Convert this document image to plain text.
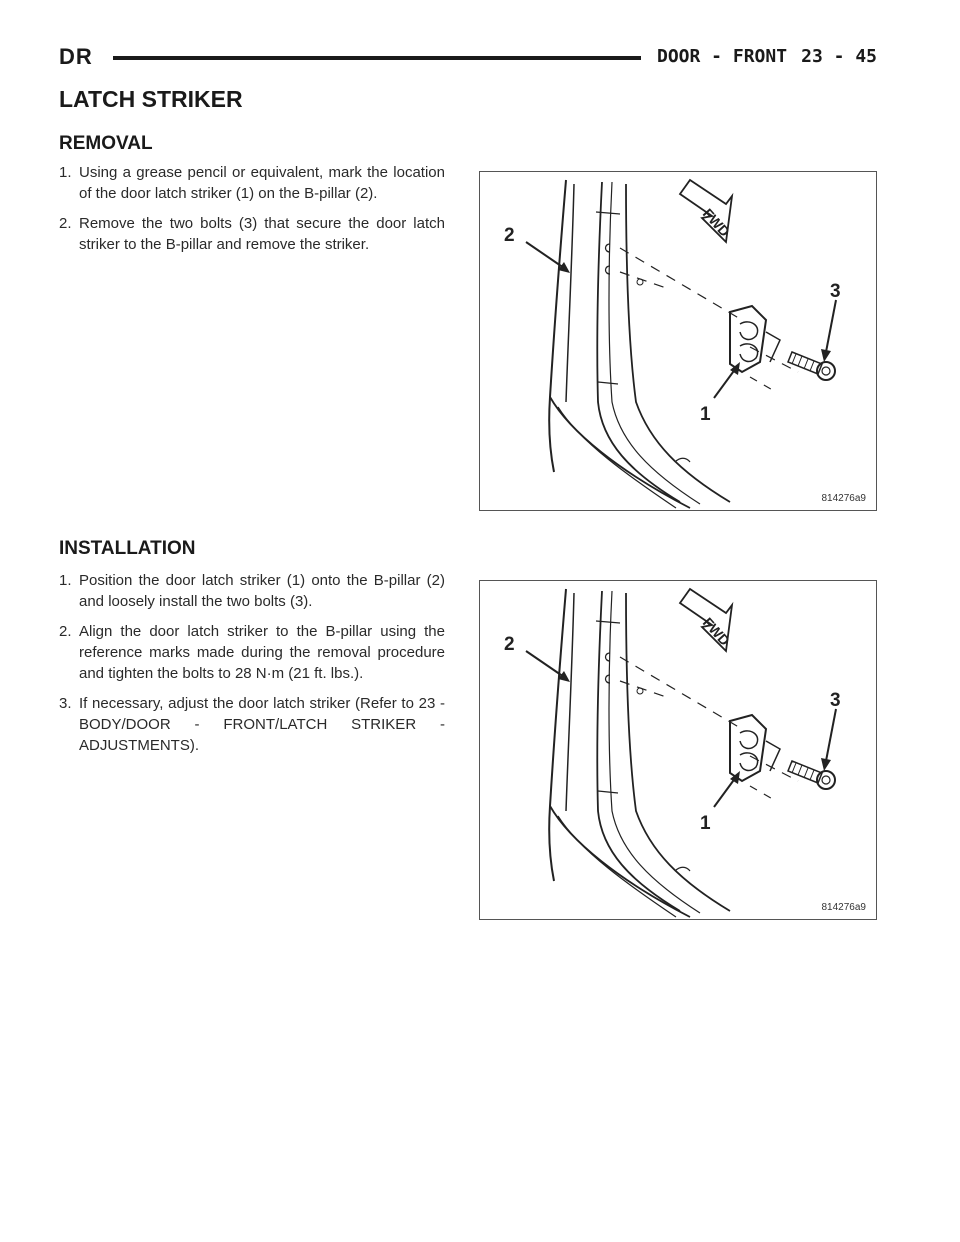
DR	DOOR - FRONT 23 - 45
LATCH STRIKER
REMOVAL
1. Using a grease pencil or equivalent, mark the location of the door latch striker (1) on the B-pillar (2).
2. Remove the two bolts (3) that secure the door latch striker to the B-pillar and remove the striker.
FWD
2
3
1
814276a9
INSTALLATION
1. Position the door latch striker (1) onto the B-pillar (2) and loosely install the two bolts (3).
2. Align the door latch striker to the B-pillar using the reference marks made during the removal procedure and tighten the bolts to 28 N·m (21 ft. lbs.).
3. If necessary, adjust the door latch striker (Refer to 23 - BODY/DOOR - FRONT/LATCH STRIKER - ADJUSTMENTS).
FWD
2
3
1
814276a9
